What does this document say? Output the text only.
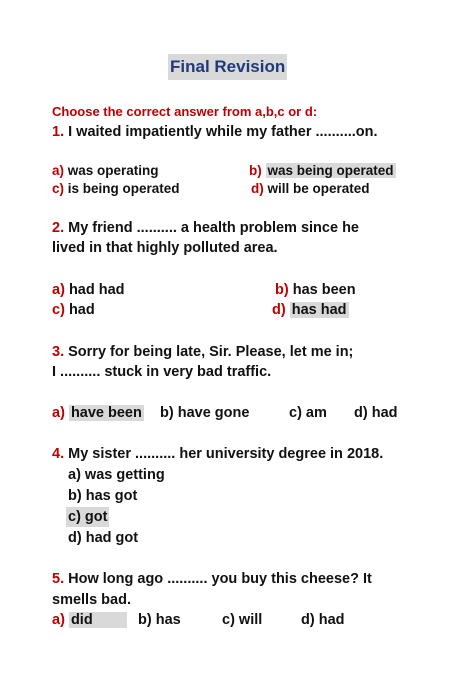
Final Revision
Choose the correct answer from a,b,c or d:
1. I waited impatiently while my father ..........on.
a) was operating	b) was being operated
c) is being operated	d) will be operated
2. My friend .......... a health problem since he
lived in that highly polluted area.
a) had had	b) has been
c) had	d) has had
3. Sorry for being late, Sir. Please, let me in;
I .......... stuck in very bad traffic.
a) have been b) have gone	c) am d) had
4. My sister .......... her university degree in 2018.
a) was getting
b) has got
c) got
d) had got
5. How long ago .......... you buy this cheese? It
smells bad.
a) did	b) has	c) will	d) had
